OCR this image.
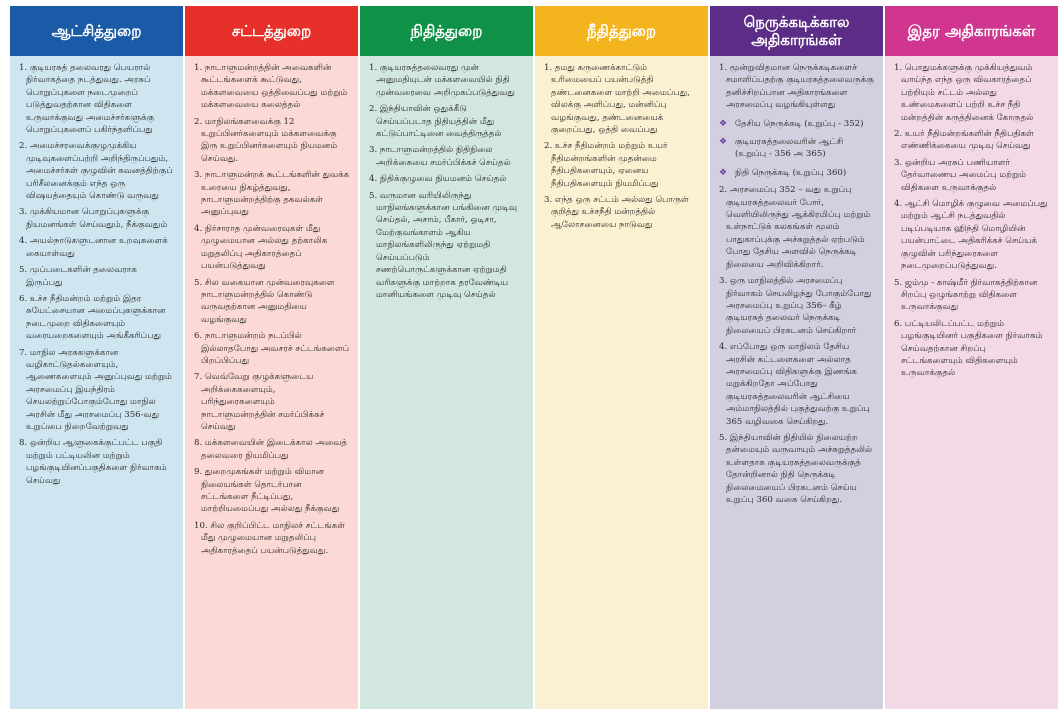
ஆட்சித்துறை
1. குடியரசுத் தலைவரது பெயரால் நிர்வாகத்தை நடத்துவது. அரசுப் பொறுப்புகளை நடைமுறைப் படுத்துவதற்கான விதிகளை உருவாக்குவது அமைச்சர்களுக்கு பொறுப்புகளைப் பகிர்ந்தளிப்பது
2. அமைச்சரவைக்குழுமுக்கிய முடிவுகளைப்பற்றி அறிந்திருப்பதும், அமைச்சர்கள் குழுவின் கவனத்திற்குப் பரிசீலனைக்கும் எந்த ஒரு விஷயத்தையும் கொண்டு வருவது
3. முக்கியமான பொறுப்புகளுக்கு நியமனங்கள் செய்வதும், நீக்குவதும்
4. அயல்நாடுகளுடனான உறவுகளைக் கையாள்வது
5. முப்படைகளின் தலைவராக இருப்பது
6. உச்ச நீதிமன்றம் மற்றும் இதர சுயேட்சையான அமைப்புகளுக்கான நடைமுறை விதிகளையும் வரையறைகளையும் அங்கீகரிப்பது
7. மாநில அரசுகளுக்கான வழிகாட்டுதல்களையும், ஆணைகளையும் அனுப்புவது மற்றும் அரசமைப்பு இயந்திரம் செயலற்றுப்போகும்போது மாநில அரசின் மீது அரசமைப்பு 356-வது உறுப்பை நிறைவேற்றுவது
8. ஒன்றிய ஆளுகைக்குட்பட்ட பகுதி மற்றும் பட்டியலின மற்றும் பழங்குடியினப்பகுதிகளை நிர்வாகம் செய்வது
சட்டத்துறை
1. நாடாளுமன்றத்தின் அவைகளின் கூட்டங்களைக் கூட்டுவது, மக்களவையை ஒத்திவைப்பது மற்றும் மக்களவையை கலைத்தல்
2. மாநிலங்களவைக்கு 12 உறுப்பினர்களையும் மக்களவைக்கு இரு உறுப்பினர்களையும் நியமனம் செய்வது.
3. நாடாளுமன்றக் கூட்டங்களின் துவக்க உரையை நிகழ்த்துவது, நாடாளுமன்றத்திற்கு தகவல்கள் அனுப்புவது
4. நிர்சாராத முன்வரைவுகள் மீது முழுமையான அல்லது தற்காலிக மறுதலிப்பு அதிகாரத்தைப் பயன்படுத்துவது
5. சில வகையான முன்வரைவுகளை நாடாளுமன்றத்தில் கொண்டு வருவதற்கான அனுமதியை வழங்குவது
6. நாடாளுமன்றம் நடப்பில் இல்லாதபோது அவசரச் சட்டங்களைப் பிறப்பிப்பது
7. வெவ்வேறு குழுக்களுடைய அறிக்கைகளையும், பரிந்துரைகளையும் நாடாளுமன்றத்தின் சமர்ப்பிக்கச் செய்வது
8. மக்களவையின் இடைக்கால அவைத் தலைவரை நியமிப்பது
9. துறைமுகங்கள் மற்றும் விமான நிலையங்கள் தொடர்பான சட்டங்களை நீட்டிப்பது, மாற்றியமைப்பது அல்லது நீக்குவது
10. சில குறிப்பிட்ட மாநிலச் சட்டங்கள் மீது முழுமையான மறுதலிப்பு அதிகாரத்தைப் பயன்படுத்துவது.
நிதித்துறை
1. குடியரசுத்தலைவரது முன் அனுமதியுடன் மக்களவையில் நிதி முன்வரைவை அறிமுகப்படுத்துவது
2. இந்தியாவின் ஒதுக்கீடு செய்யப்படாத நிதியத்தின் மீது கட்டுப்பாட்டினை வைத்திருத்தல்
3. நாடாளுமன்றத்தில் நிதிநிலை அறிக்கையை சமர்ப்பிக்கச் செய்தல்
4. நிதிக்குழுவை நியமனம் செய்தல்
5. வருமான வரியிலிருந்து மாநிலங்களுக்கான பங்கினை முடிவு செய்தல், அசாம், பீகார், ஒடிசா, மேற்குவங்காளம் ஆகிய மாநிலங்களிலிருந்து ஏற்றுமதி செய்யப்படும் சணற்பொருட்களுக்கான ஏற்றுமதி வரிகளுக்கு மாற்றாக தரவேண்டிய மானியங்களை முடிவு செய்தல்
நீதித்துறை
1. தமது கருணைக்காட்டும் உரிமையைப் பயன்படுத்தி தண்டனைகளை மாற்றி அமைப்பது, விலக்கு அளிப்பது, மன்னிப்பு வழங்குவது, தண்டனையைக் குறைப்பது, ஒத்தி வைப்பது
2. உச்ச நீதிமன்றம் மற்றும் உயர் நீதிமன்றங்களின் முதன்மை நீதிபதிகளையும், ஏனைய நீதிபதிகளையும் நியமிப்பது
3. எந்த ஒரு சட்டம் அல்லது பொருள் குறித்து உச்சநீதி மன்றத்தில் ஆலோசனையை நாடுவது
நெருக்கடிக்கால அதிகாரங்கள்
1. மூன்றுவிதமான நெருக்கடிகளைச் சமாளிப்பதற்கு குடியரசுத்தலைவருக்கு தனிச்சிறப்பான அதிகாரங்களை அரசமைப்பு வழங்கியுள்ளது
❖ தேசிய நெருக்கடி (உறுப்பு - 352)
❖ குடியரசுத்தலைவரின் ஆட்சி (உறுப்பு - 356 அ 365)
❖ நிதி நெருக்கடி (உறுப்பு 360)
2. அரசமைப்பு 352 – வது உறுப்பு குடியரசுத்தலைவர் போர், வெளியிலிருந்து ஆக்கிரமிப்பு மற்றும் உள்நாட்டுக் கலகங்கள் மூலம் பாதுகாப்புக்கு அச்சுறுத்தல் ஏற்படும் போது தேசிய அளவில் நெருக்கடி நிலையை அறிவிக்கிறார்.
3. ஒரு மாநிலத்தில் அரசமைப்பு நிர்வாகம் செயலிழந்து போகும்போது அரசமைப்பு உறுப்பு 356– கீழ் குடியரசுத் தலைவர் நெருக்கடி நிலையைப் பிரகடனம் செய்கிறார்
4. எப்போது ஒரு மாநிலம் தேசிய அரசின் கட்டளைகளை அல்லாத அரசமைப்பு விதிகளுக்கு இணங்க மறுக்கிறதோ அப்போது குடியரசுத்தலைவரின் ஆட்சியை அம்மாநிலத்தில் புகுத்துவற்கு உறுப்பு 365 வழிவகை செய்கிறது.
5. இந்தியாவின் நிதியில் நிலையற்ற தன்மையும் வருவாயும் அச்சுறுத்தலில் உள்ளதாக குடியரசுத்தலைவருக்குத் தோன்றினால் நிதி நெருக்கடி நிலைமையைப் பிரகடனம் செய்ய உறுப்பு 360 வகை செய்கிறது.
இதர அதிகாரங்கள்
1. பொதுமக்களுக்கு முக்கியத்துவம் வாய்ந்த எந்த ஒரு விவகாரத்தைப் பற்றியும் சட்டம் அல்லது உண்மைகளைப் பற்றி உச்ச நீதி மன்றத்தின் கருத்தினைக் கோருதல்
2. உயர் நீதிமன்றங்களின் நீதிபதிகள் எண்ணிக்கையை முடிவு செய்வது
3. ஒன்றிய அரசுப் பணியாளர் தேர்வாணைய அமைப்பு மற்றும் விதிகளை உருவாக்குதல்
4. ஆட்சி மொழிக் குழுவை அமைப்பது மற்றும் ஆட்சி நடத்துவதில் படிப்படியாக ஹிந்தி மொழியின் பயன்பாட்டை அதிகரிக்கச் செய்யக் குழுவின் பரிந்துரைகளை நடைமுறைப்படுத்துவது.
5. ஜம்மு - காஷ்மீர் நிர்வாகத்திற்கான சிறப்பு ஒழுங்காற்று விதிகளை உருவாக்குவது
6. பட்டியலிடப்பட்ட மற்றும் பழங்குடியினர் பகுதிகளை நிர்வாகம் செய்வதற்கான சிறப்பு சட்டங்களையும் விதிகளையும் உருவாக்குதல்
